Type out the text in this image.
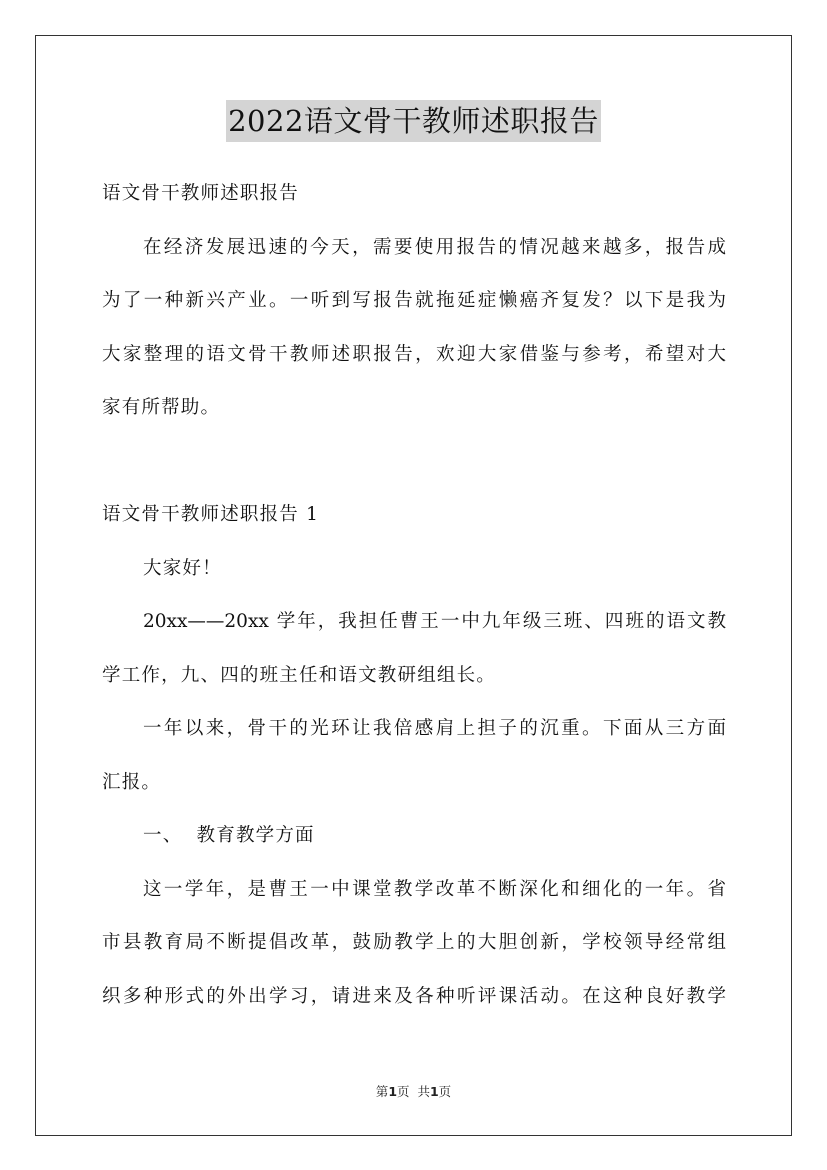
2022语文骨干教师述职报告
语文骨干教师述职报告
在经济发展迅速的今天，需要使用报告的情况越来越多，报告成
为了一种新兴产业。一听到写报告就拖延症懒癌齐复发？以下是我为
大家整理的语文骨干教师述职报告，欢迎大家借鉴与参考，希望对大
家有所帮助。
语文骨干教师述职报告 1
大家好！
20xx——20xx 学年，我担任曹王一中九年级三班、四班的语文教
学工作，九、四的班主任和语文教研组组长。
一年以来，骨干的光环让我倍感肩上担子的沉重。下面从三方面
汇报。
一、  教育教学方面
这一学年，是曹王一中课堂教学改革不断深化和细化的一年。省
市县教育局不断提倡改革，鼓励教学上的大胆创新，学校领导经常组
织多种形式的外出学习，请进来及各种听评课活动。在这种良好教学
第1页  共1页
